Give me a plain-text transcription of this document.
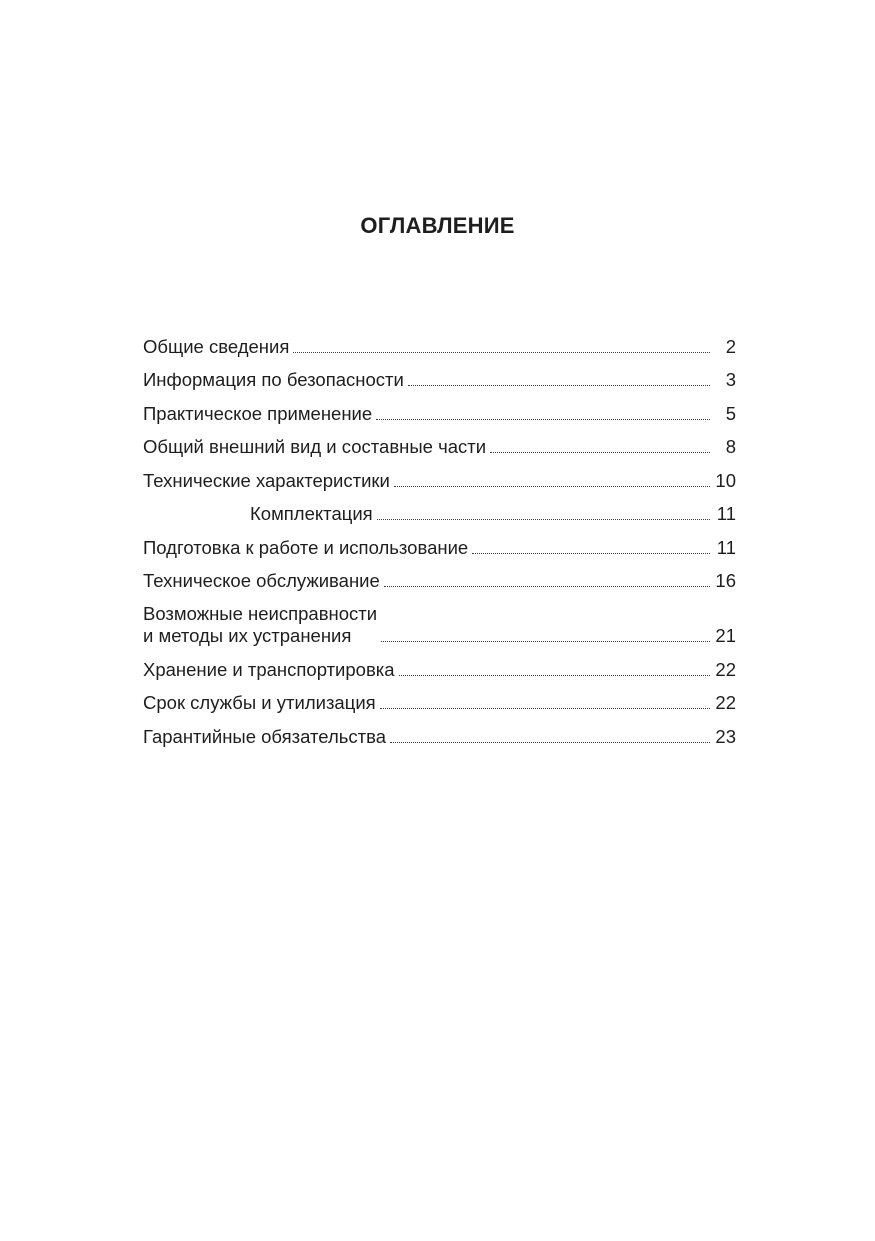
ОГЛАВЛЕНИЕ
Общие сведения	2
Информация по безопасности	3
Практическое применение	5
Общий внешний вид и составные части	8
Технические характеристики	10
Комплектация	11
Подготовка к работе и использование	11
Техническое обслуживание	16
Возможные неисправности
и методы их устранения	21
Хранение и транспортировка	22
Срок службы и утилизация	22
Гарантийные обязательства	23
